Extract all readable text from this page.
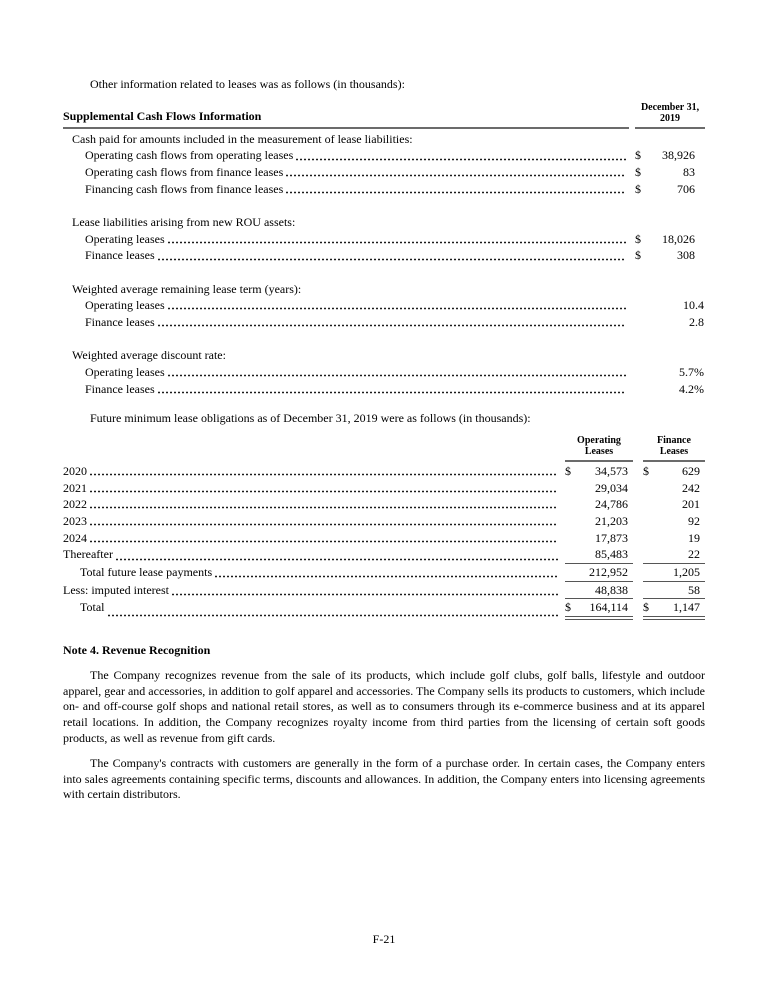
Other information related to leases was as follows (in thousands):

Supplemental Cash Flows Information
December 31,
2019
Cash paid for amounts included in the measurement of lease liabilities:
Operating cash flows from operating leases	$ 38,926
Operating cash flows from finance leases	$	83
Financing cash flows from finance leases	$	706
Lease liabilities arising from new ROU assets:
Operating leases	$ 18,026
Finance leases	$	308
Weighted average remaining lease term (years):
Operating leases	10.4
Finance leases	2.8
Weighted average discount rate:
Operating leases	5.7%
Finance leases	4.2%

Future minimum lease obligations as of December 31, 2019 were as follows (in thousands):

Operating
Leases
Finance
Leases
2020	$ 34,573	$	629
2021	29,034	242
2022	24,786	201
2023	21,203	92
2024	17,873	19
Thereafter	85,483	22
Total future lease payments	212,952	1,205
Less: imputed interest	48,838	58
Total	$ 164,114	$ 1,147
Note 4. Revenue Recognition

The Company recognizes revenue from the sale of its products, which include golf clubs, golf balls, lifestyle and outdoor apparel, gear and accessories, in addition to golf apparel and accessories. The Company sells its products to customers, which include on- and off-course golf shops and national retail stores, as well as to consumers through its e-commerce business and at its apparel retail locations. In addition, the Company recognizes royalty income from third parties from the licensing of certain soft goods products, as well as revenue from gift cards.

The Company's contracts with customers are generally in the form of a purchase order. In certain cases, the Company enters into sales agreements containing specific terms, discounts and allowances. In addition, the Company enters into licensing agreements with certain distributors.

F-21
